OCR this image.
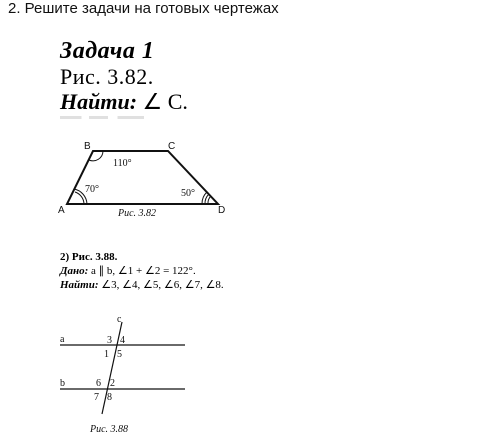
2. Решите задачи на готовых чертежах
Задача 1
Рис. 3.82.
Найти: ∠ C.
B	C
A	D
110°
70°	50°
Рис. 3.82
2) Рис. 3.88.
Дано: a ∥ b, ∠1 + ∠2 = 122°.
Найти: ∠3, ∠4, ∠5, ∠6, ∠7, ∠8.
a
b
c
3 4
1 5
6 2
7 8
Рис. 3.88
